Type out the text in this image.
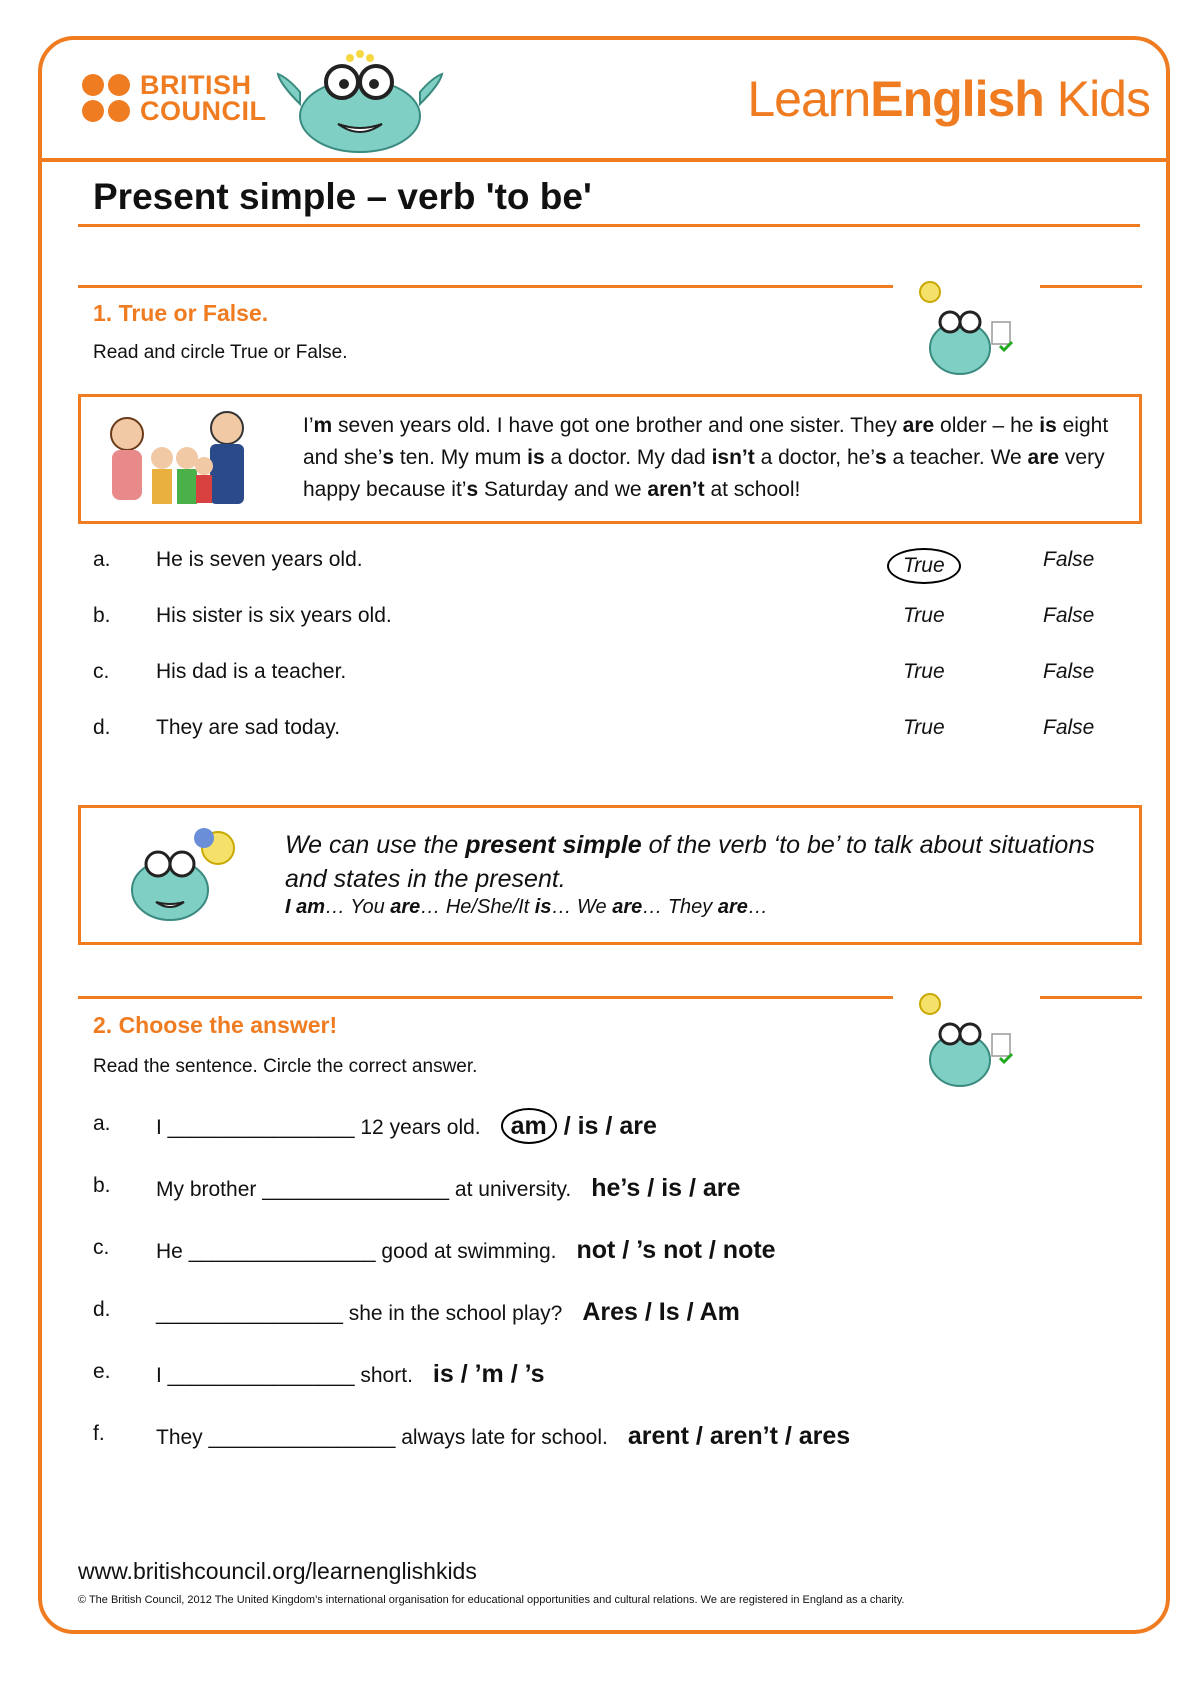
BRITISH
COUNCIL	LearnEnglish Kids
Present simple – verb 'to be'
1. True or False.

Read and circle True or False.

I’m seven years old. I have got one brother and one sister. They are older – he is eight and she’s ten. My mum is a doctor. My dad isn’t a doctor, he’s a teacher. We are very happy because it’s Saturday and we aren’t at school!

a. He is seven years old.	True	False
b. His sister is six years old.	True	False
c. His dad is a teacher.	True	False
d. They are sad today.	True	False

We can use the present simple of the verb ‘to be’ to talk about situations and states in the present.

I am… You are… He/She/It is… We are… They are…

2. Choose the answer!

Read the sentence. Circle the correct answer.

a. I ________________ 12 years old. am / is / are
b. My brother ________________ at university. he’s / is / are
c. He ________________ good at swimming. not / ’s not / note
d. ________________ she in the school play? Ares / Is / Am
e. I ________________ short. is / ’m / ’s
f. They ________________ always late for school. arent / aren’t / ares

www.britishcouncil.org/learnenglishkids

© The British Council, 2012 The United Kingdom’s international organisation for educational opportunities and cultural relations. We are registered in England as a charity.
